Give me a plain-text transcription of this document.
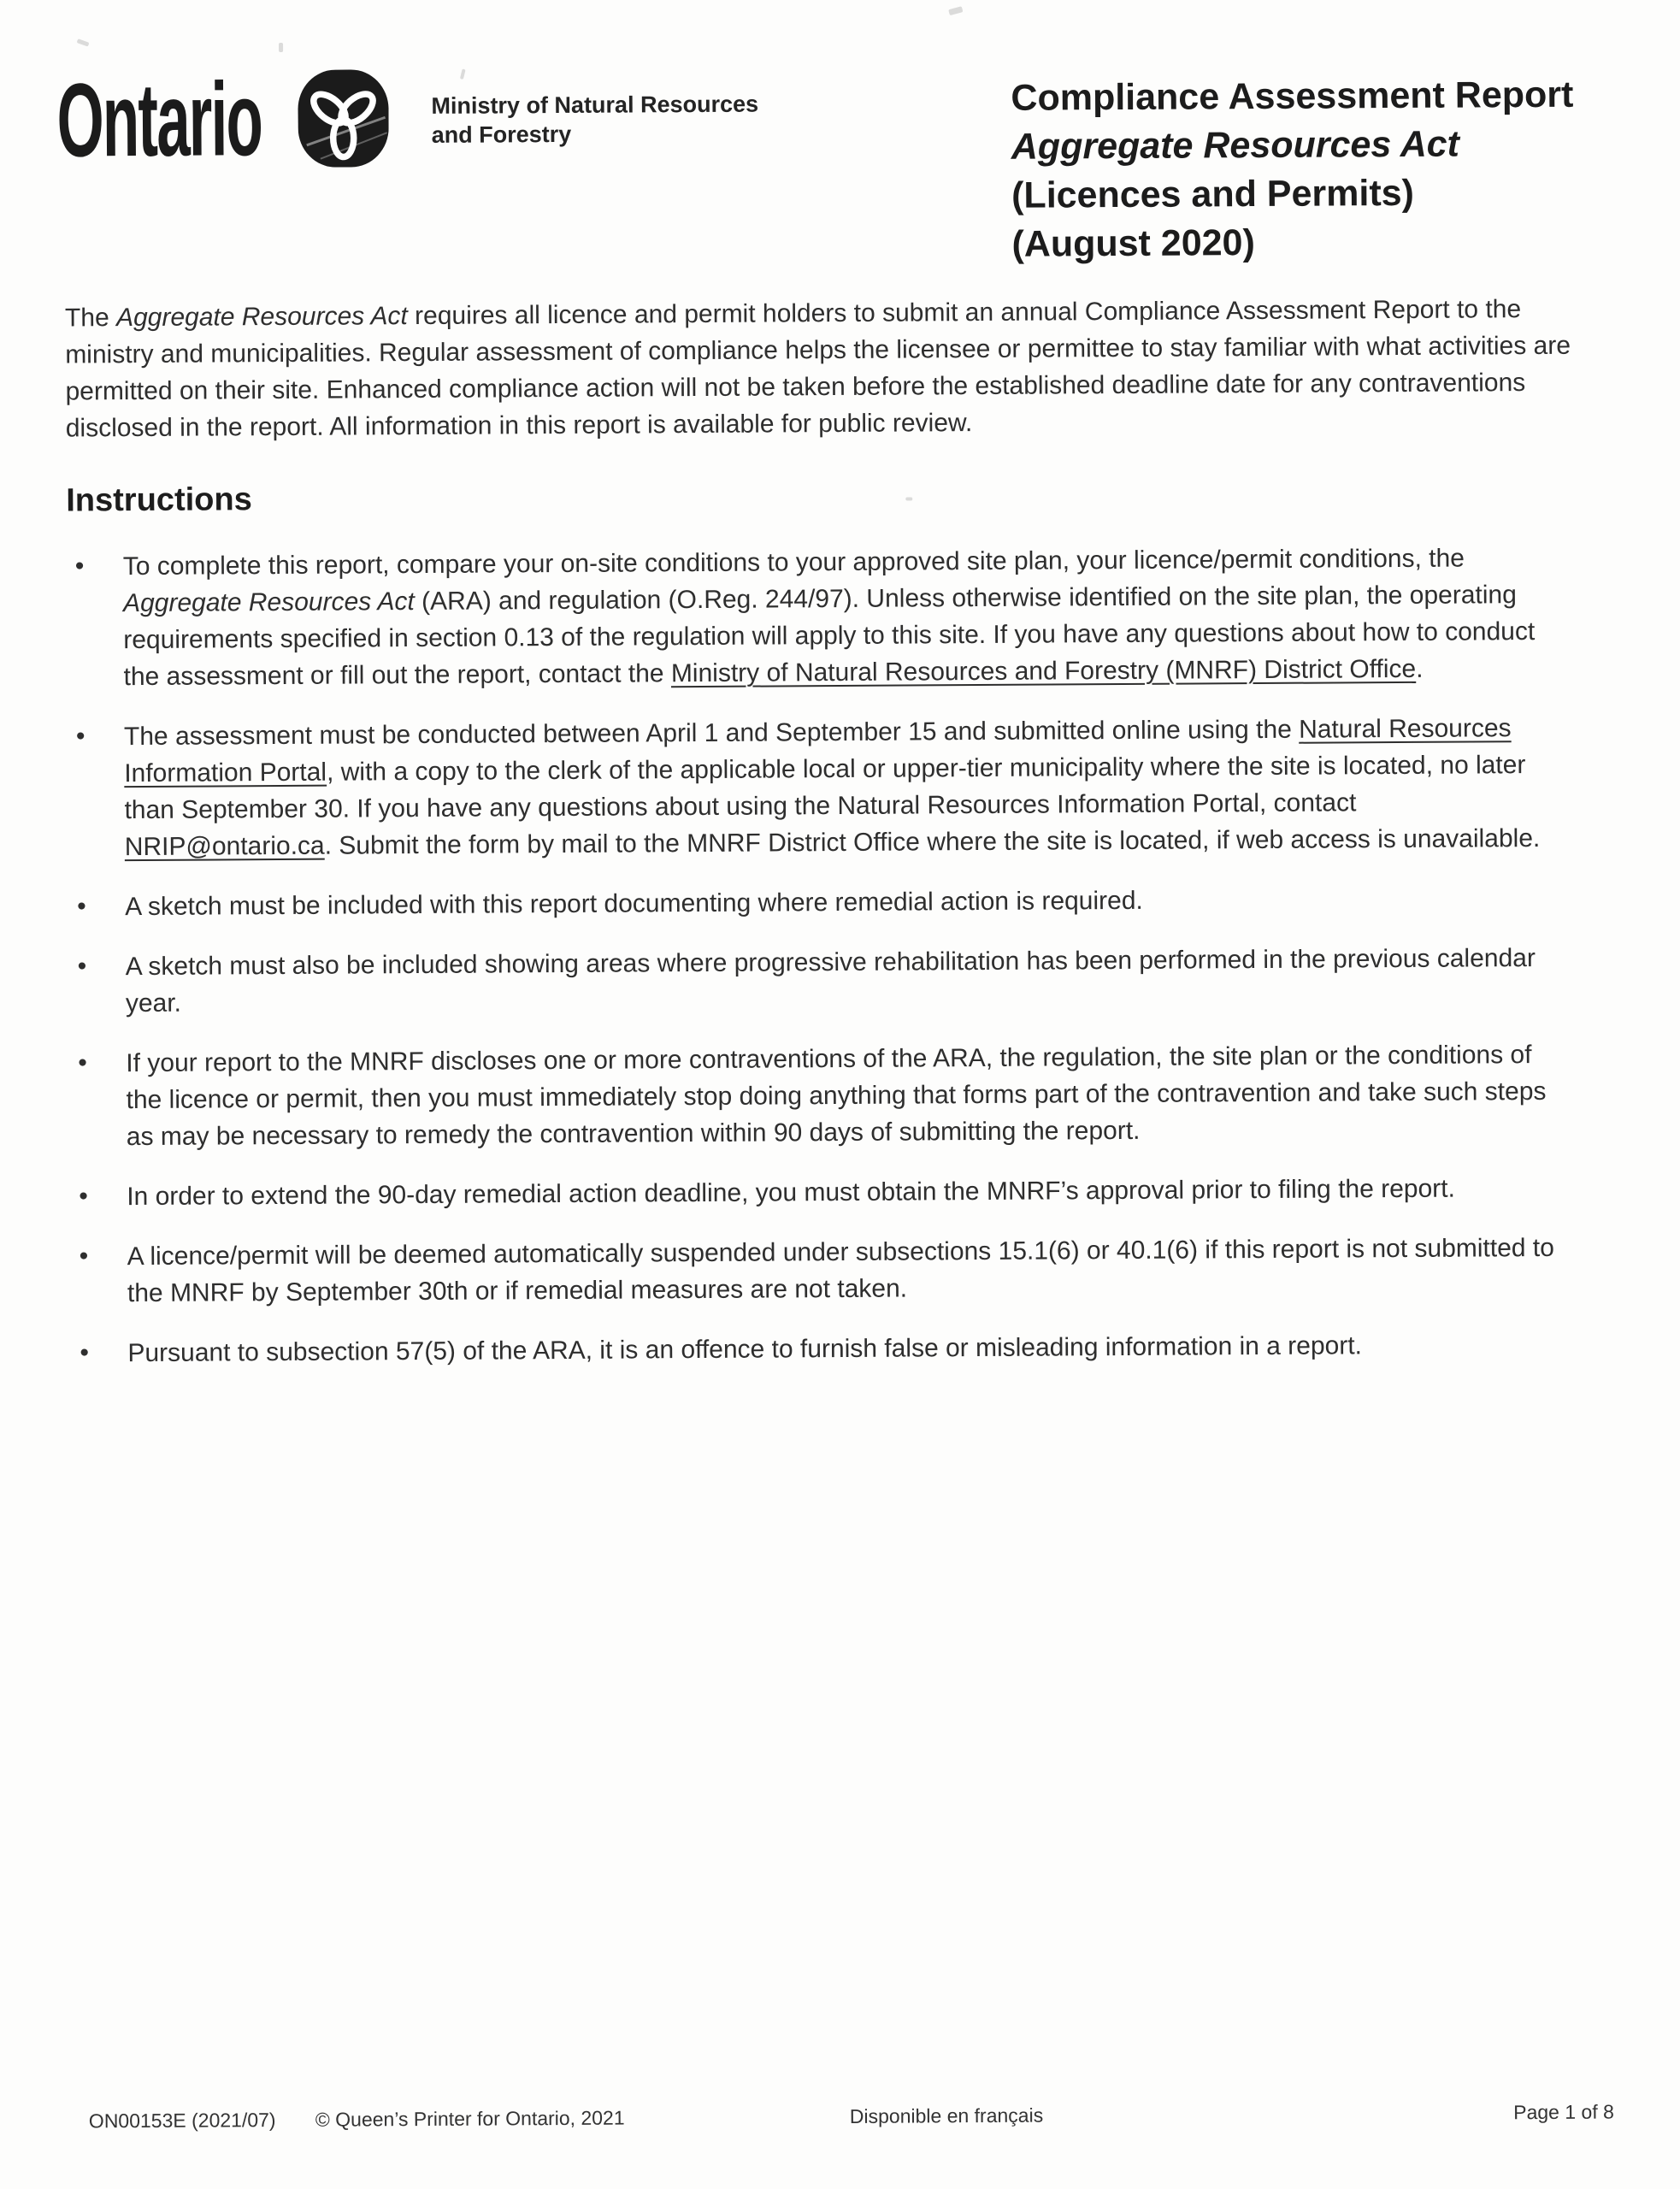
Ontario	Ministry of Natural Resources
and Forestry
Compliance Assessment Report
Aggregate Resources Act
(Licences and Permits)
(August 2020)

The Aggregate Resources Act requires all licence and permit holders to submit an annual Compliance Assessment Report to the ministry and municipalities. Regular assessment of compliance helps the licensee or permittee to stay familiar with what activities are permitted on their site. Enhanced compliance action will not be taken before the established deadline date for any contraventions disclosed in the report. All information in this report is available for public review.

Instructions
• To complete this report, compare your on-site conditions to your approved site plan, your licence/permit conditions, the Aggregate Resources Act (ARA) and regulation (O.Reg. 244/97). Unless otherwise identified on the site plan, the operating requirements specified in section 0.13 of the regulation will apply to this site. If you have any questions about how to conduct the assessment or fill out the report, contact the Ministry of Natural Resources and Forestry (MNRF) District Office.
• The assessment must be conducted between April 1 and September 15 and submitted online using the Natural Resources Information Portal, with a copy to the clerk of the applicable local or upper-tier municipality where the site is located, no later than September 30. If you have any questions about using the Natural Resources Information Portal, contact NRIP@ontario.ca. Submit the form by mail to the MNRF District Office where the site is located, if web access is unavailable.
• A sketch must be included with this report documenting where remedial action is required.
• A sketch must also be included showing areas where progressive rehabilitation has been performed in the previous calendar year.
• If your report to the MNRF discloses one or more contraventions of the ARA, the regulation, the site plan or the conditions of the licence or permit, then you must immediately stop doing anything that forms part of the contravention and take such steps as may be necessary to remedy the contravention within 90 days of submitting the report.
• In order to extend the 90-day remedial action deadline, you must obtain the MNRF’s approval prior to filing the report.
• A licence/permit will be deemed automatically suspended under subsections 15.1(6) or 40.1(6) if this report is not submitted to the MNRF by September 30th or if remedial measures are not taken.
• Pursuant to subsection 57(5) of the ARA, it is an offence to furnish false or misleading information in a report.
ON00153E (2021/07) © Queen’s Printer for Ontario, 2021	Disponible en français	Page 1 of 8
